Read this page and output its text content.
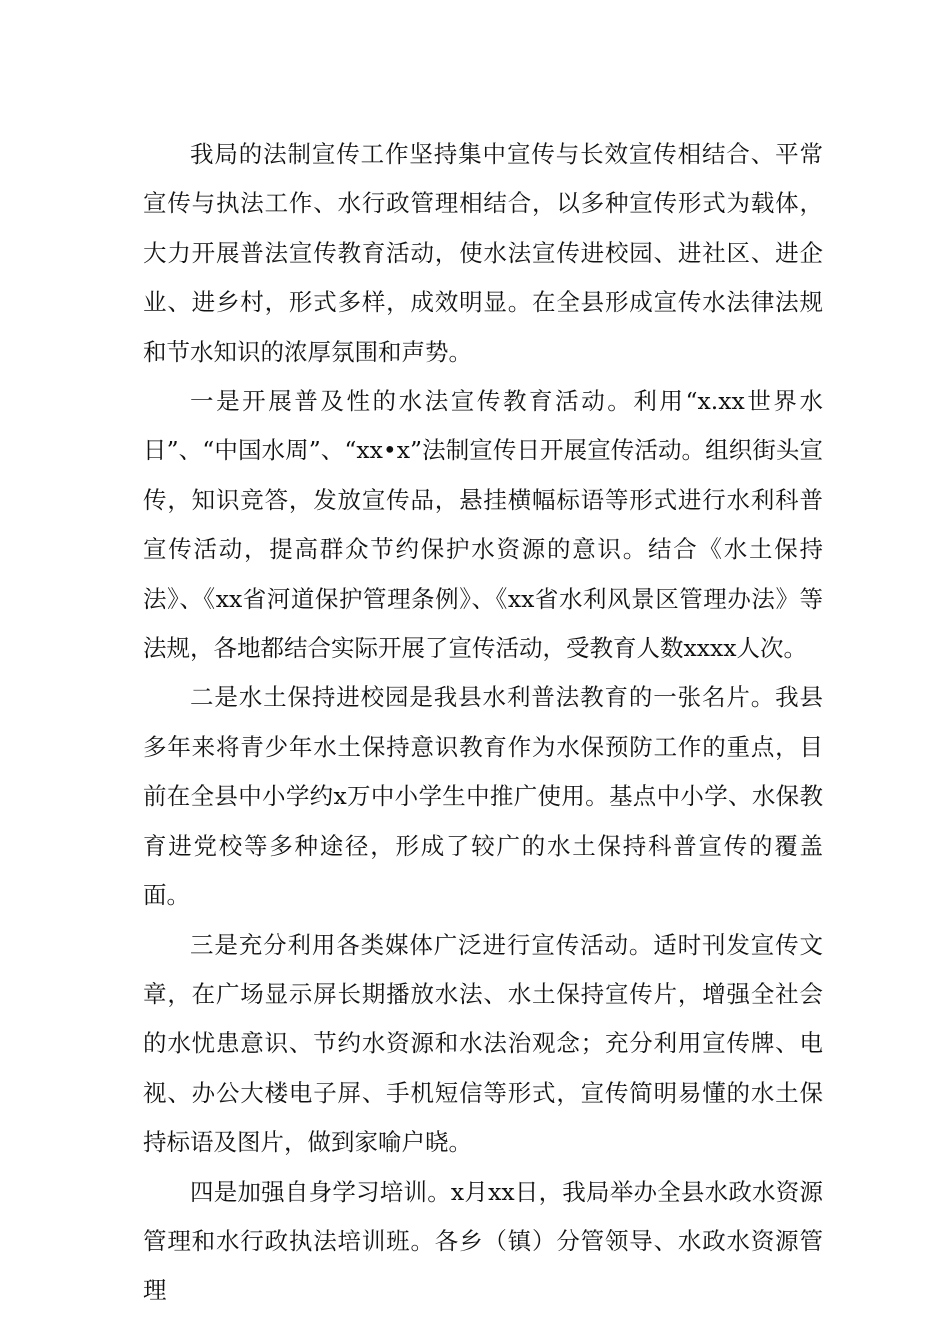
我局的法制宣传工作坚持集中宣传与长效宣传相结合、平常宣传与执法工作、水行政管理相结合，以多种宣传形式为载体，大力开展普法宣传教育活动，使水法宣传进校园、进社区、进企业、进乡村，形式多样，成效明显。在全县形成宣传水法律法规和节水知识的浓厚氛围和声势。

一是开展普及性的水法宣传教育活动。利用“x.xx世界水日”、“中国水周”、“xx•x”法制宣传日开展宣传活动。组织街头宣传，知识竞答，发放宣传品，悬挂横幅标语等形式进行水利科普宣传活动，提高群众节约保护水资源的意识。结合《水土保持法》、《xx省河道保护管理条例》、《xx省水利风景区管理办法》等法规，各地都结合实际开展了宣传活动，受教育人数xxxx人次。

二是水土保持进校园是我县水利普法教育的一张名片。我县多年来将青少年水土保持意识教育作为水保预防工作的重点，目前在全县中小学约x万中小学生中推广使用。基点中小学、水保教育进党校等多种途径，形成了较广的水土保持科普宣传的覆盖面。

三是充分利用各类媒体广泛进行宣传活动。适时刊发宣传文章，在广场显示屏长期播放水法、水土保持宣传片，增强全社会的水忧患意识、节约水资源和水法治观念；充分利用宣传牌、电视、办公大楼电子屏、手机短信等形式，宣传简明易懂的水土保持标语及图片，做到家喻户晓。

四是加强自身学习培训。x月xx日，我局举办全县水政水资源管理和水行政执法培训班。各乡（镇）分管领导、水政水资源管理
